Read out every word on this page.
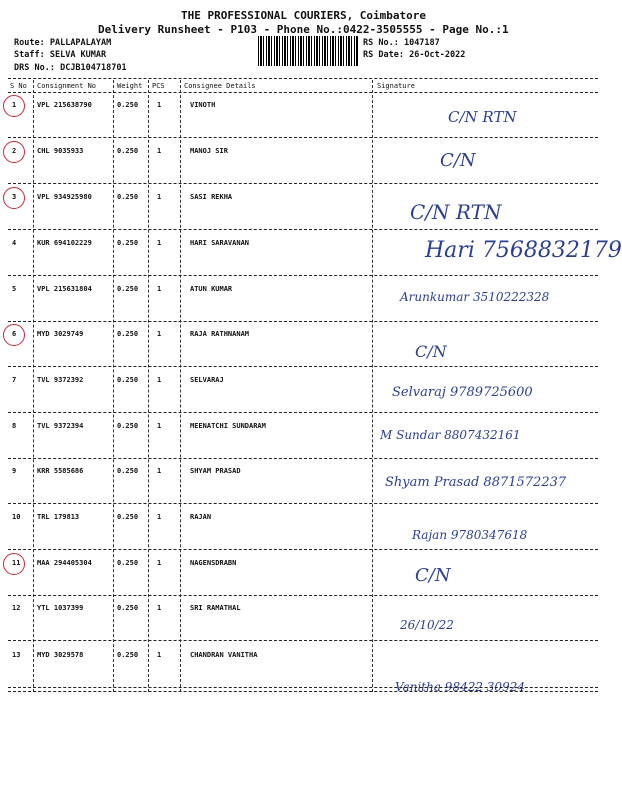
THE PROFESSIONAL COURIERS, Coimbatore
Delivery Runsheet - P103 - Phone No.:0422-3505555 - Page No.:1
Route: PALLAPALAYAM
Staff: SELVA KUMAR
DRS No.: DCJB104718701
RS No.: 1047187
RS Date: 26-Oct-2022
S No Consignment No	Weight PCS	Consignee Details	Signature
1	VPL 215638790	0.250	1	VINOTH
C/N RTN
2	CHL 9035933	0.250	1	MANOJ SIR	C/N
3	VPL 934925980	0.250	1	SASI REKHA
C/N RTN
4	KUR 694102229	0.250	1	HARI SARAVANAN	Hari 7568832179
5	VPL 215631804	0.250	1	ATUN KUMAR
Arunkumar 3510222328
6	MYD 3029749	0.250	1	RAJA RATHNANAM
C/N
7	TVL 9372392	0.250	1	SELVARAJ
Selvaraj 9789725600
8	TVL 9372394	0.250	1	MEENATCHI SUNDARAM
M Sundar 8807432161
9	KRR 5585686	0.250	1	SHYAM PRASAD
Shyam Prasad 8871572237
10 TRL 179813	0.250	1	RAJAN
Rajan 9780347618
11 MAA 294405304	0.250	1	NAGENSDRABN
C/N
12 YTL 1037399	0.250	1	SRI RAMATHAL
26/10/22
13 MYD 3029578	0.250	1	CHANDRAN VANITHA
Vanitha 98422 30924
